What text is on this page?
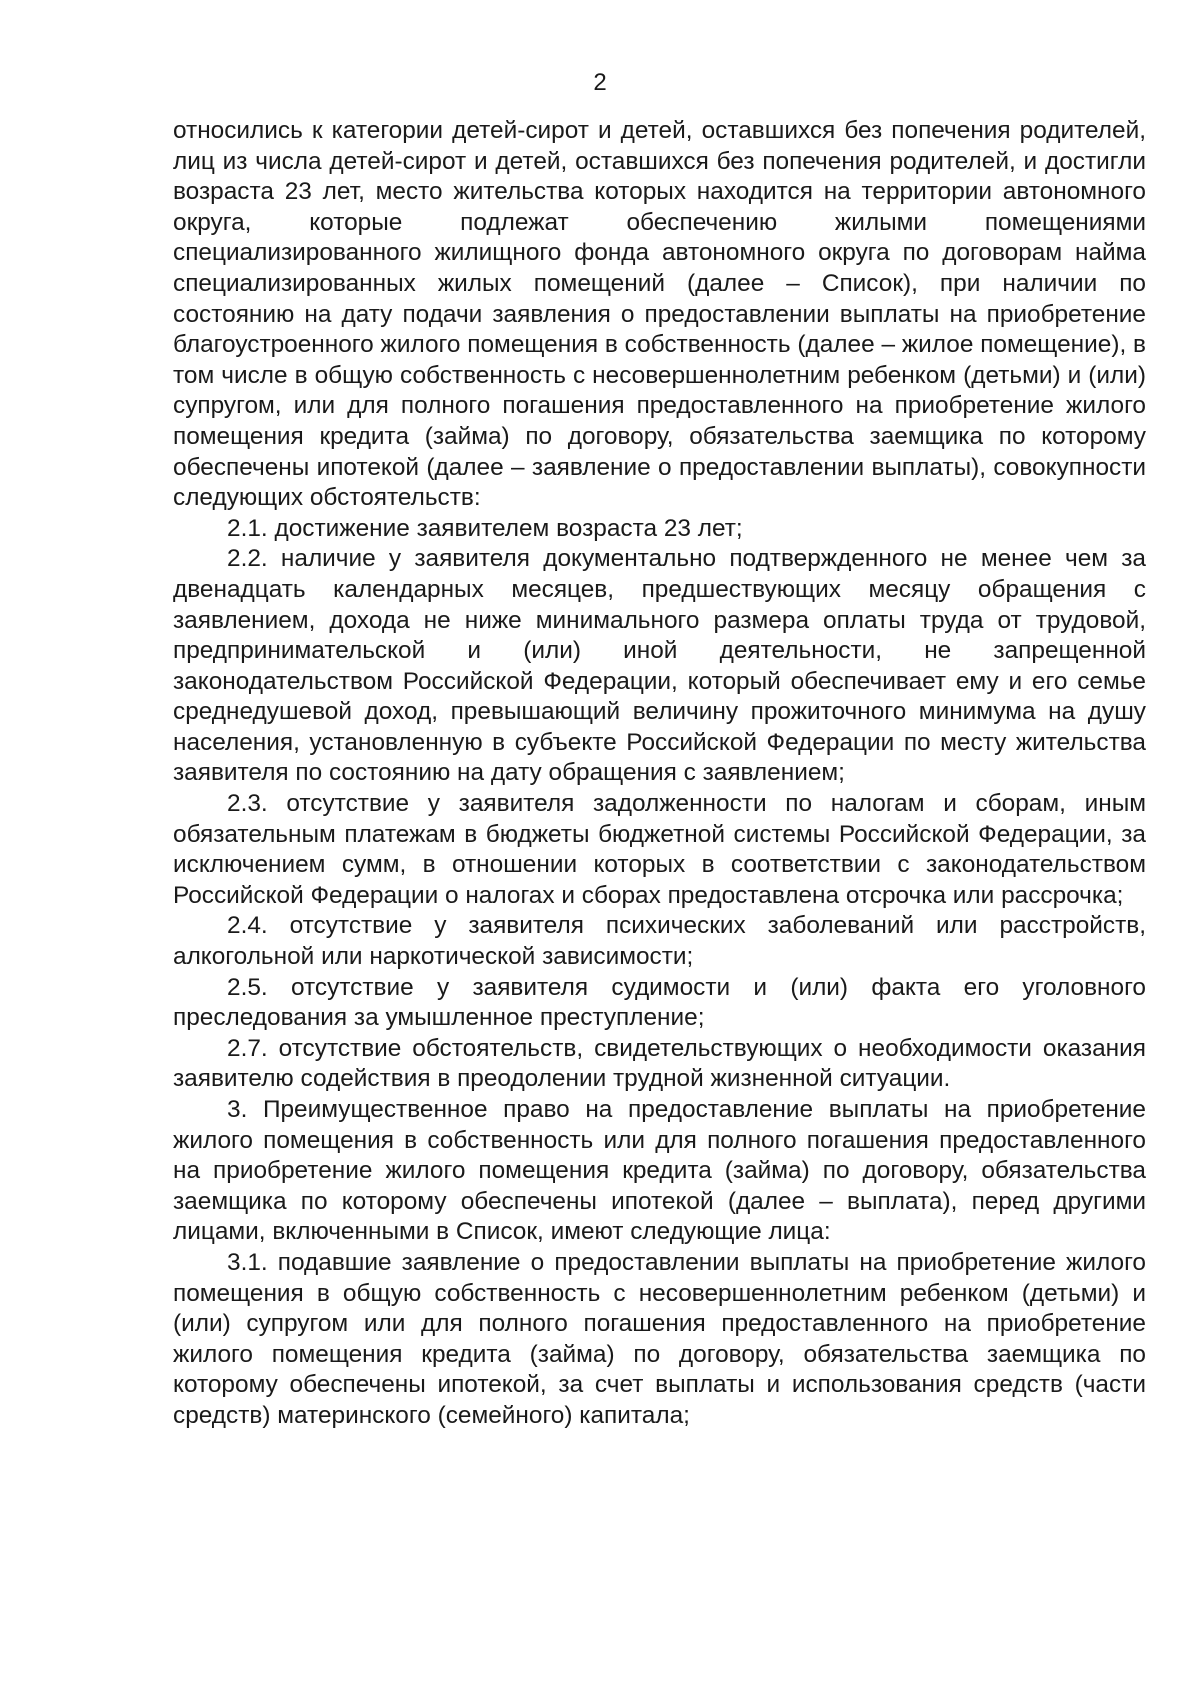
2

относились к категории детей-сирот и детей, оставшихся без попечения родителей, лиц из числа детей-сирот и детей, оставшихся без попечения родителей, и достигли возраста 23 лет, место жительства которых находится на территории автономного округа, которые подлежат обеспечению жилыми помещениями специализированного жилищного фонда автономного округа по договорам найма специализированных жилых помещений (далее – Список), при наличии по состоянию на дату подачи заявления о предоставлении выплаты на приобретение благоустроенного жилого помещения в собственность (далее – жилое помещение), в том числе в общую собственность с несовершеннолетним ребенком (детьми) и (или) супругом, или для полного погашения предоставленного на приобретение жилого помещения кредита (займа) по договору, обязательства заемщика по которому обеспечены ипотекой (далее – заявление о предоставлении выплаты), совокупности следующих обстоятельств:

2.1. достижение заявителем возраста 23 лет;

2.2. наличие у заявителя документально подтвержденного не менее чем за двенадцать календарных месяцев, предшествующих месяцу обращения с заявлением, дохода не ниже минимального размера оплаты труда от трудовой, предпринимательской и (или) иной деятельности, не запрещенной законодательством Российской Федерации, который обеспечивает ему и его семье среднедушевой доход, превышающий величину прожиточного минимума на душу населения, установленную в субъекте Российской Федерации по месту жительства заявителя по состоянию на дату обращения с заявлением;

2.3. отсутствие у заявителя задолженности по налогам и сборам, иным обязательным платежам в бюджеты бюджетной системы Российской Федерации, за исключением сумм, в отношении которых в соответствии с законодательством Российской Федерации о налогах и сборах предоставлена отсрочка или рассрочка;

2.4. отсутствие у заявителя психических заболеваний или расстройств, алкогольной или наркотической зависимости;

2.5. отсутствие у заявителя судимости и (или) факта его уголовного преследования за умышленное преступление;

2.7. отсутствие обстоятельств, свидетельствующих о необходимости оказания заявителю содействия в преодолении трудной жизненной ситуации.

3. Преимущественное право на предоставление выплаты на приобретение жилого помещения в собственность или для полного погашения предоставленного на приобретение жилого помещения кредита (займа) по договору, обязательства заемщика по которому обеспечены ипотекой (далее – выплата), перед другими лицами, включенными в Список, имеют следующие лица:

3.1. подавшие заявление о предоставлении выплаты на приобретение жилого помещения в общую собственность с несовершеннолетним ребенком (детьми) и (или) супругом или для полного погашения предоставленного на приобретение жилого помещения кредита (займа) по договору, обязательства заемщика по которому обеспечены ипотекой, за счет выплаты и использования средств (части средств) материнского (семейного) капитала;
